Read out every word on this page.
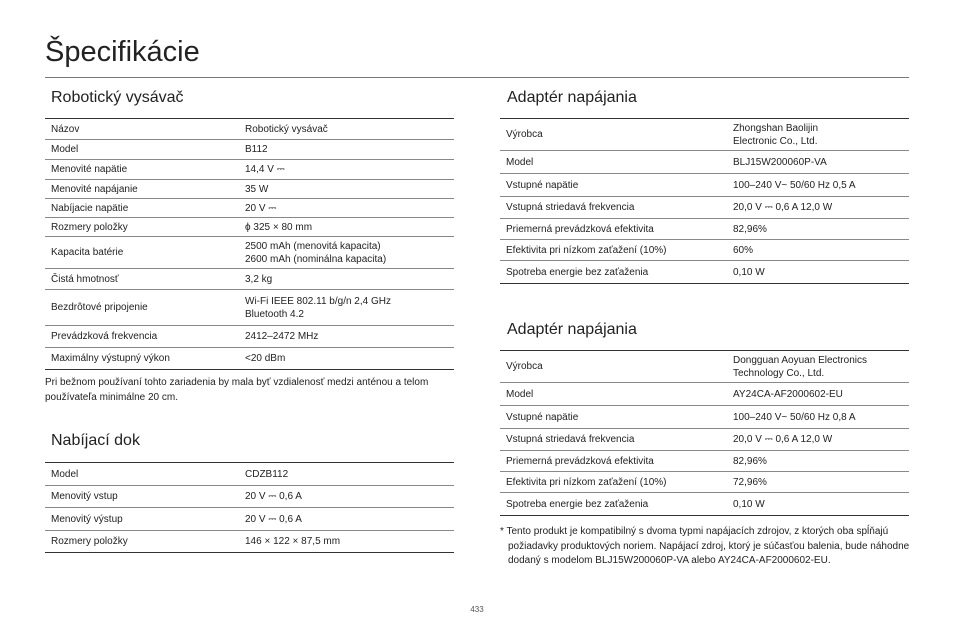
Špecifikácie
Robotický vysávač
Názov	Robotický vysávač
Model	B112
Menovité napätie	14,4 V ⎓
Menovité napájanie	35 W
Nabíjacie napätie	20 V ⎓
Rozmery položky	ϕ 325 × 80 mm
Kapacita batérie	2500 mAh (menovitá kapacita)
2600 mAh (nominálna kapacita)
Čistá hmotnosť	3,2 kg
Bezdrôtové pripojenie	Wi-Fi IEEE 802.11 b/g/n 2,4 GHz
Bluetooth 4.2
Prevádzková frekvencia	2412–2472 MHz
Maximálny výstupný výkon	<20 dBm

Pri bežnom používaní tohto zariadenia by mala byť vzdialenosť medzi anténou a telom používateľa minimálne 20 cm.

Nabíjací dok
Model	CDZB112
Menovitý vstup	20 V ⎓ 0,6 A
Menovitý výstup	20 V ⎓ 0,6 A
Rozmery položky	146 × 122 × 87,5 mm
Adaptér napájania
Výrobca	Zhongshan Baolijin
Electronic Co., Ltd.
Model	BLJ15W200060P-VA
Vstupné napätie	100–240 V~ 50/60 Hz 0,5 A
Vstupná striedavá frekvencia	20,0 V ⎓ 0,6 A 12,0 W
Priemerná prevádzková efektivita	82,96%
Efektivita pri nízkom zaťažení (10%)	60%
Spotreba energie bez zaťaženia	0,10 W
Adaptér napájania
Výrobca	Dongguan Aoyuan Electronics
Technology Co., Ltd.
Model	AY24CA-AF2000602-EU
Vstupné napätie	100–240 V~ 50/60 Hz 0,8 A
Vstupná striedavá frekvencia	20,0 V ⎓ 0,6 A 12,0 W
Priemerná prevádzková efektivita	82,96%
Efektivita pri nízkom zaťažení (10%)	72,96%
Spotreba energie bez zaťaženia	0,10 W

* Tento produkt je kompatibilný s dvoma typmi napájacích zdrojov, z ktorých oba spĺňajú požiadavky produktových noriem. Napájací zdroj, ktorý je súčasťou balenia, bude náhodne dodaný s modelom BLJ15W200060P-VA alebo AY24CA-AF2000602-EU.

433
